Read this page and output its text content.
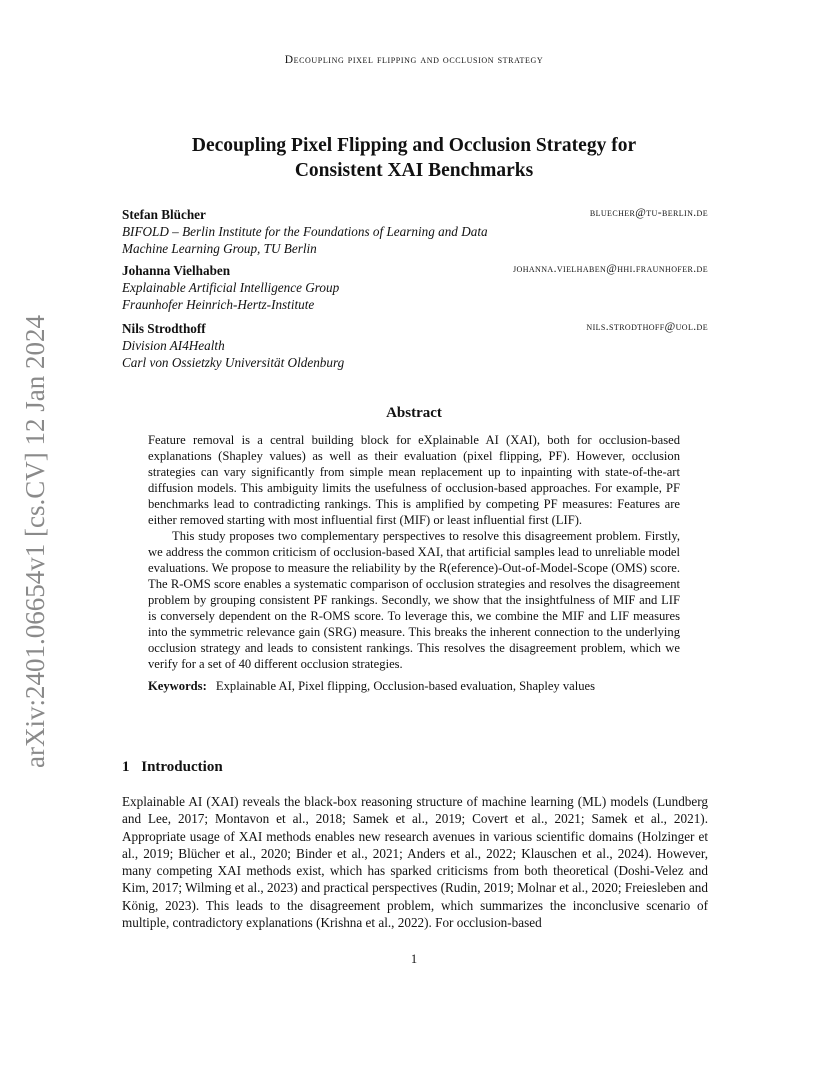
Decoupling pixel flipping and occlusion strategy
arXiv:2401.06654v1 [cs.CV] 12 Jan 2024
Decoupling Pixel Flipping and Occlusion Strategy for
Consistent XAI Benchmarks
Stefan Blücher	bluecher@tu-berlin.de
BIFOLD – Berlin Institute for the Foundations of Learning and Data
Machine Learning Group, TU Berlin
Johanna Vielhaben	johanna.vielhaben@hhi.fraunhofer.de
Explainable Artificial Intelligence Group
Fraunhofer Heinrich-Hertz-Institute
Nils Strodthoff	nils.strodthoff@uol.de
Division AI4Health
Carl von Ossietzky Universität Oldenburg
Abstract

Feature removal is a central building block for eXplainable AI (XAI), both for occlusion-based explanations (Shapley values) as well as their evaluation (pixel flipping, PF). However, occlusion strategies can vary significantly from simple mean replacement up to inpainting with state-of-the-art diffusion models. This ambiguity limits the usefulness of occlusion-based approaches. For example, PF benchmarks lead to contradicting rankings. This is amplified by competing PF measures: Features are either removed starting with most influential first (MIF) or least influential first (LIF).

This study proposes two complementary perspectives to resolve this disagreement problem. Firstly, we address the common criticism of occlusion-based XAI, that artificial samples lead to unreliable model evaluations. We propose to measure the reliability by the R(eference)-Out-of-Model-Scope (OMS) score. The R-OMS score enables a systematic comparison of occlusion strategies and resolves the disagreement problem by grouping consistent PF rankings. Secondly, we show that the insightfulness of MIF and LIF is conversely dependent on the R-OMS score. To leverage this, we combine the MIF and LIF measures into the symmetric relevance gain (SRG) measure. This breaks the inherent connection to the underlying occlusion strategy and leads to consistent rankings. This resolves the disagreement problem, which we verify for a set of 40 different occlusion strategies.

Keywords: Explainable AI, Pixel flipping, Occlusion-based evaluation, Shapley values
1 Introduction

Explainable AI (XAI) reveals the black-box reasoning structure of machine learning (ML) models (Lundberg and Lee, 2017; Montavon et al., 2018; Samek et al., 2019; Covert et al., 2021; Samek et al., 2021). Appropriate usage of XAI methods enables new research avenues in various scientific domains (Holzinger et al., 2019; Blücher et al., 2020; Binder et al., 2021; Anders et al., 2022; Klauschen et al., 2024). However, many competing XAI methods exist, which has sparked criticisms from both theoretical (Doshi-Velez and Kim, 2017; Wilming et al., 2023) and practical perspectives (Rudin, 2019; Molnar et al., 2020; Freiesleben and König, 2023). This leads to the disagreement problem, which summarizes the inconclusive scenario of multiple, contradictory explanations (Krishna et al., 2022). For occlusion-based

1
